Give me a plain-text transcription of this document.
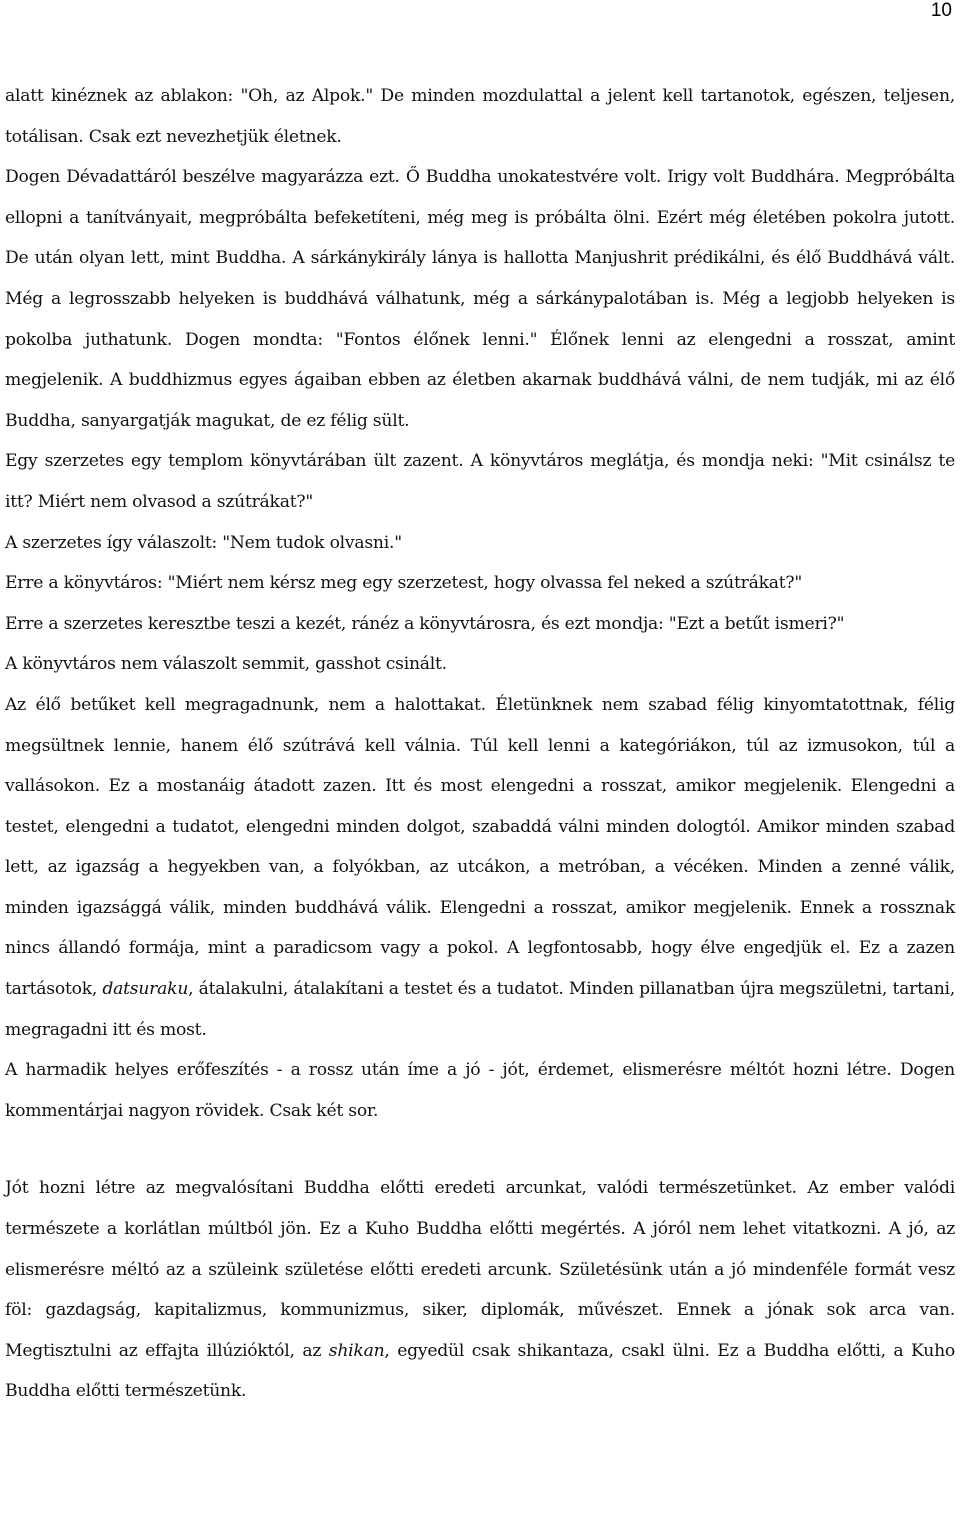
10

alatt kinéznek az ablakon: "Oh, az Alpok." De minden mozdulattal a jelent kell tartanotok, egészen, teljesen, totálisan. Csak ezt nevezhetjük életnek.

Dogen Dévadattáról beszélve magyarázza ezt. Ő Buddha unokatestvére volt. Irigy volt Buddhára. Megpróbálta ellopni a tanítványait, megpróbálta befeketíteni, még meg is próbálta ölni. Ezért még életében pokolra jutott. De után olyan lett, mint Buddha. A sárkánykirály lánya is hallotta Manjushrit prédikálni, és élő Buddhává vált. Még a legrosszabb helyeken is buddhává válhatunk, még a sárkánypalotában is. Még a legjobb helyeken is pokolba juthatunk. Dogen mondta: "Fontos élőnek lenni." Élőnek lenni az elengedni a rosszat, amint megjelenik. A buddhizmus egyes ágaiban ebben az életben akarnak buddhává válni, de nem tudják, mi az élő Buddha, sanyargatják magukat, de ez félig sült.

Egy szerzetes egy templom könyvtárában ült zazent. A könyvtáros meglátja, és mondja neki: "Mit csinálsz te itt? Miért nem olvasod a szútrákat?"

A szerzetes így válaszolt: "Nem tudok olvasni."

Erre a könyvtáros: "Miért nem kérsz meg egy szerzetest, hogy olvassa fel neked a szútrákat?"

Erre a szerzetes keresztbe teszi a kezét, ránéz a könyvtárosra, és ezt mondja: "Ezt a betűt ismeri?"

A könyvtáros nem válaszolt semmit, gasshot csinált.

Az élő betűket kell megragadnunk, nem a halottakat. Életünknek nem szabad félig kinyomtatottnak, félig megsültnek lennie, hanem élő szútrává kell válnia. Túl kell lenni a kategóriákon, túl az izmusokon, túl a vallásokon. Ez a mostanáig átadott zazen. Itt és most elengedni a rosszat, amikor megjelenik. Elengedni a testet, elengedni a tudatot, elengedni minden dolgot, szabaddá válni minden dologtól. Amikor minden szabad lett, az igazság a hegyekben van, a folyókban, az utcákon, a metróban, a vécéken. Minden a zenné válik, minden igazsággá válik, minden buddhává válik. Elengedni a rosszat, amikor megjelenik. Ennek a rossznak nincs állandó formája, mint a paradicsom vagy a pokol. A legfontosabb, hogy élve engedjük el. Ez a zazen tartásotok, datsuraku, átalakulni, átalakítani a testet és a tudatot. Minden pillanatban újra megszületni, tartani, megragadni itt és most.

A harmadik helyes erőfeszítés - a rossz után íme a jó - jót, érdemet, elismerésre méltót hozni létre. Dogen kommentárjai nagyon rövidek. Csak két sor.

Jót hozni létre az megvalósítani Buddha előtti eredeti arcunkat, valódi természetünket. Az ember valódi természete a korlátlan múltból jön. Ez a Kuho Buddha előtti megértés. A jóról nem lehet vitatkozni. A jó, az elismerésre méltó az a szüleink születése előtti eredeti arcunk. Születésünk után a jó mindenféle formát vesz föl: gazdagság, kapitalizmus, kommunizmus, siker, diplomák, művészet. Ennek a jónak sok arca van. Megtisztulni az effajta illúzióktól, az shikan, egyedül csak shikantaza, csakl ülni. Ez a Buddha előtti, a Kuho Buddha előtti természetünk.
